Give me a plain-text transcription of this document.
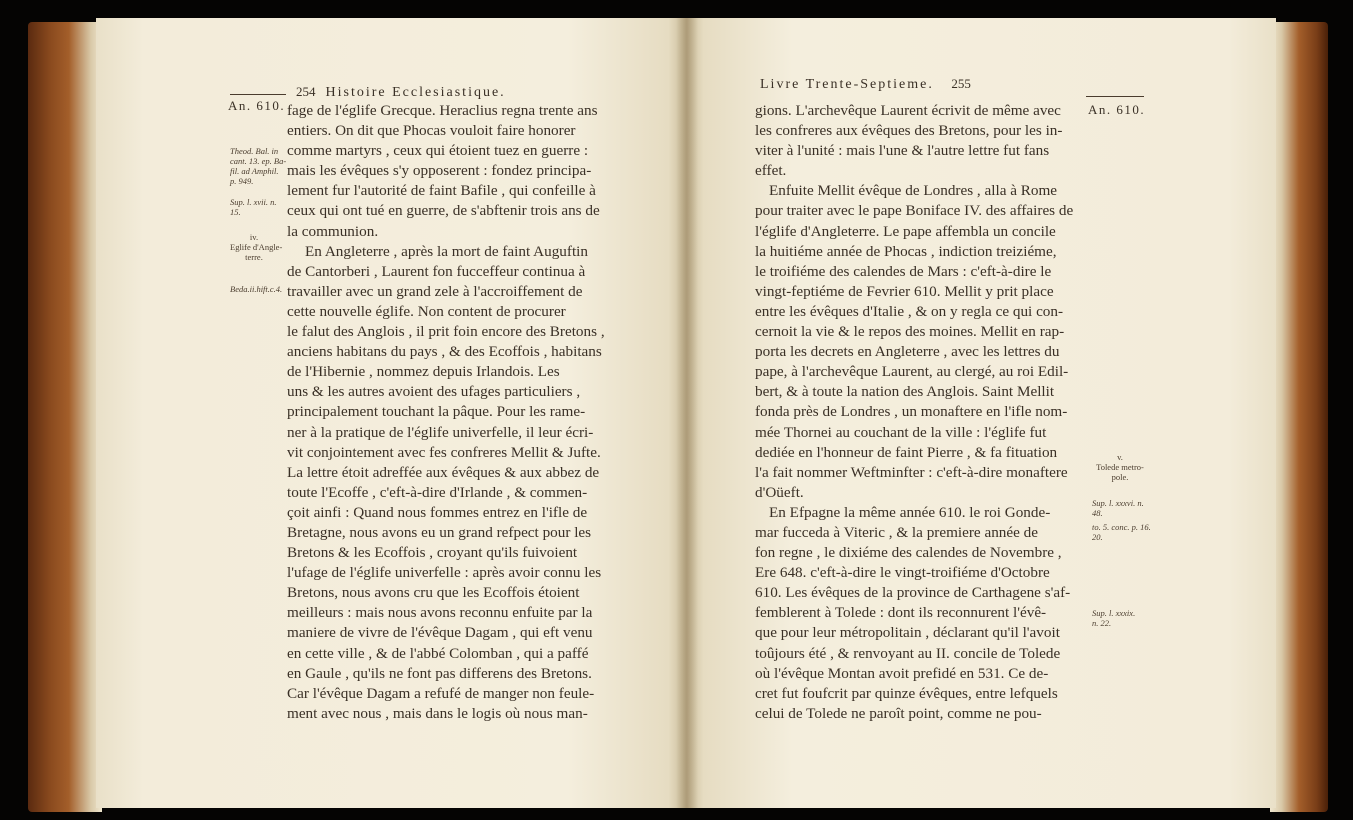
An. 610.
254 Histoire Ecclesiastique.
Theod. Bal. in
cant. 13. ep. Ba-
fil. ad Amphil.
p. 949.
Sup. l. xvii. n.
15.
iv.
Eglife d'Angle-
terre.
Beda.ii.hift.c.4.
fage de l'églife Grecque. Heraclius regna trente ans
entiers. On dit que Phocas vouloit faire honorer
comme martyrs , ceux qui étoient tuez en guerre :
mais les évêques s'y opposerent : fondez principa-
lement fur l'autorité de faint Bafile , qui confeille à
ceux qui ont tué en guerre, de s'abftenir trois ans de
la communion.
En Angleterre , après la mort de faint Auguftin
de Cantorberi , Laurent fon fucceffeur continua à
travailler avec un grand zele à l'accroiffement de
cette nouvelle églife. Non content de procurer
le falut des Anglois , il prit foin encore des Bretons ,
anciens habitans du pays , & des Ecoffois , habitans
de l'Hibernie , nommez depuis Irlandois. Les
uns & les autres avoient des ufages particuliers ,
principalement touchant la pâque. Pour les rame-
ner à la pratique de l'églife univerfelle, il leur écri-
vit conjointement avec fes confreres Mellit & Jufte.
La lettre étoit adreffée aux évêques & aux abbez de
toute l'Ecoffe , c'eft-à-dire d'Irlande , & commen-
çoit ainfi : Quand nous fommes entrez en l'ifle de
Bretagne, nous avons eu un grand refpect pour les
Bretons & les Ecoffois , croyant qu'ils fuivoient
l'ufage de l'églife univerfelle : après avoir connu les
Bretons, nous avons cru que les Ecoffois étoient
meilleurs : mais nous avons reconnu enfuite par la
maniere de vivre de l'évêque Dagam , qui eft venu
en cette ville , & de l'abbé Colomban , qui a paffé
en Gaule , qu'ils ne font pas differens des Bretons.
Car l'évêque Dagam a refufé de manger non feule-
ment avec nous , mais dans le logis où nous man-
Livre Trente-Septieme. 255
An. 610.
gions. L'archevêque Laurent écrivit de même avec
les confreres aux évêques des Bretons, pour les in-
viter à l'unité : mais l'une & l'autre lettre fut fans
effet.
Enfuite Mellit évêque de Londres , alla à Rome
pour traiter avec le pape Boniface IV. des affaires de
l'églife d'Angleterre. Le pape affembla un concile
la huitiéme année de Phocas , indiction treiziéme,
le troifiéme des calendes de Mars : c'eft-à-dire le
vingt-feptiéme de Fevrier 610. Mellit y prit place
entre les évêques d'Italie , & on y regla ce qui con-
cernoit la vie & le repos des moines. Mellit en rap-
porta les decrets en Angleterre , avec les lettres du
pape, à l'archevêque Laurent, au clergé, au roi Edil-
bert, & à toute la nation des Anglois. Saint Mellit
fonda près de Londres , un monaftere en l'ifle nom-
mée Thornei au couchant de la ville : l'églife fut
dediée en l'honneur de faint Pierre , & fa fituation
l'a fait nommer Weftminfter : c'eft-à-dire monaftere
d'Oüeft.
En Efpagne la même année 610. le roi Gonde-
mar fucceda à Viteric , & la premiere année de
fon regne , le dixiéme des calendes de Novembre ,
Ere 648. c'eft-à-dire le vingt-troifiéme d'Octobre
610. Les évêques de la province de Carthagene s'af-
femblerent à Tolede : dont ils reconnurent l'évê-
que pour leur métropolitain , déclarant qu'il l'avoit
toûjours été , & renvoyant au II. concile de Tolede
où l'évêque Montan avoit prefidé en 531. Ce de-
cret fut foufcrit par quinze évêques, entre lefquels
celui de Tolede ne paroît point, comme ne pou-
v.
Tolede metro-
pole.
Sup. l. xxxvi. n.
48.
to. 5. conc. p. 16.
20.
Sup. l. xxxix.
n. 22.
